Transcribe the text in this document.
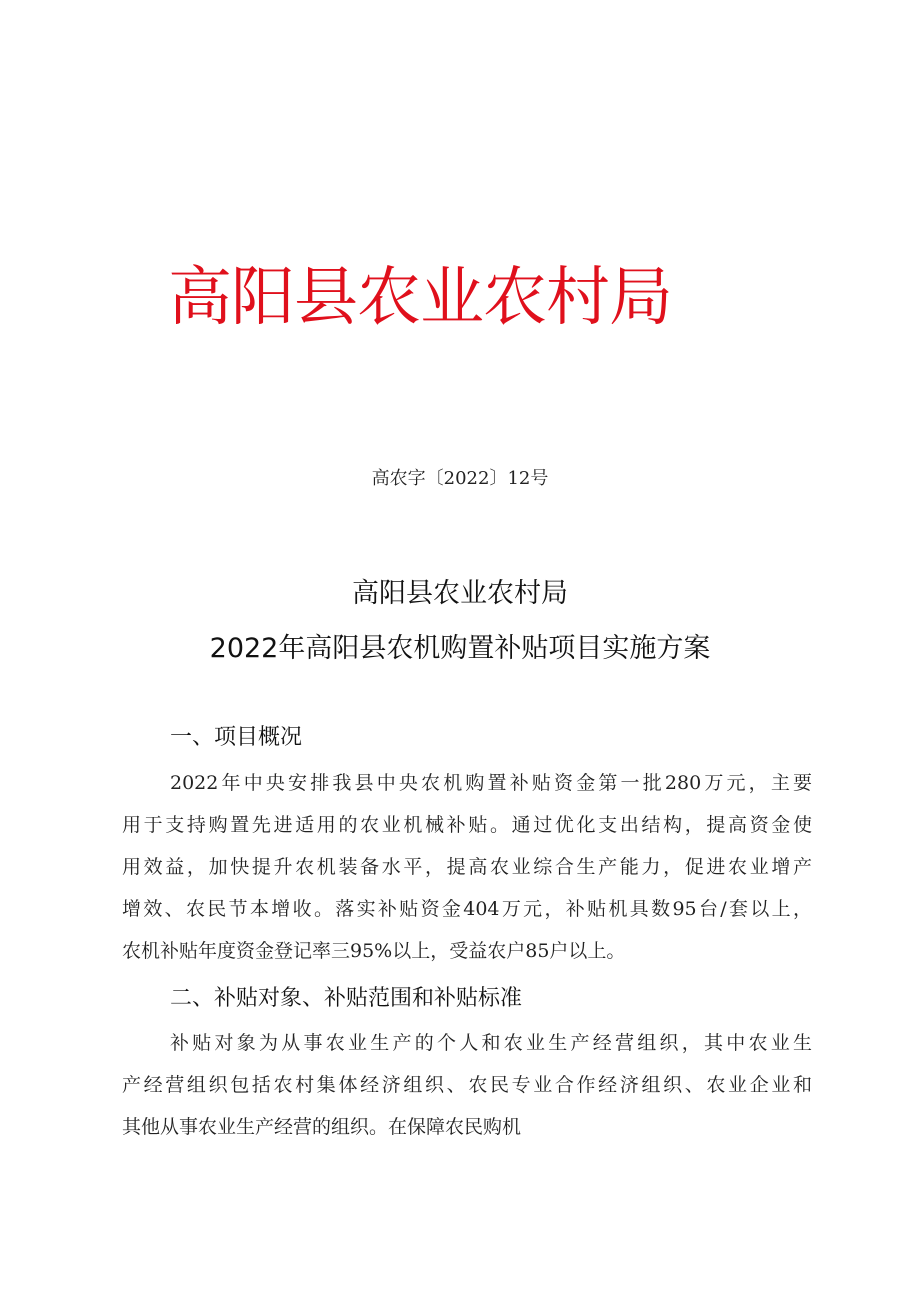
高阳县农业农村局
高农字〔2022〕12号
高阳县农业农村局
2022年高阳县农机购置补贴项目实施方案
一、项目概况
2022年中央安排我县中央农机购置补贴资金第一批280万元，主要
用于支持购置先进适用的农业机械补贴。通过优化支出结构，提高资金使
用效益，加快提升农机装备水平，提高农业综合生产能力，促进农业增产
增效、农民节本增收。落实补贴资金404万元，补贴机具数95台/套以上，
农机补贴年度资金登记率三95%以上，受益农户85户以上。
二、补贴对象、补贴范围和补贴标准
补贴对象为从事农业生产的个人和农业生产经营组织，其中农业生
产经营组织包括农村集体经济组织、农民专业合作经济组织、农业企业和
其他从事农业生产经营的组织。在保障农民购机
